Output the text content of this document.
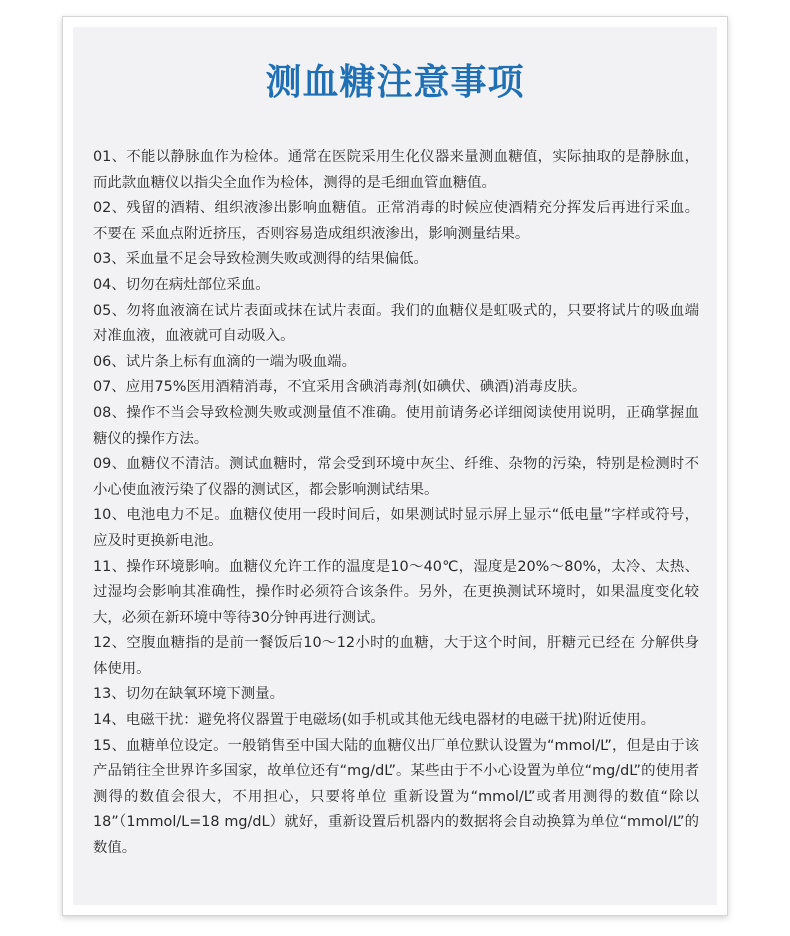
测血糖注意事项

01、不能以静脉血作为检体。通常在医院采用生化仪器来量测血糖值，实际抽取的是静脉血，而此款血糖仪以指尖全血作为检体，测得的是毛细血管血糖值。

02、残留的酒精、组织液渗出影响血糖值。正常消毒的时候应使酒精充分挥发后再进行采血。不要在 采血点附近挤压，否则容易造成组织液渗出，影响测量结果。

03、采血量不足会导致检测失败或测得的结果偏低。

04、切勿在病灶部位采血。

05、勿将血液滴在试片表面或抹在试片表面。我们的血糖仪是虹吸式的，只要将试片的吸血端对准血液，血液就可自动吸入。

06、试片条上标有血滴的一端为吸血端。

07、应用75%医用酒精消毒，不宜采用含碘消毒剂(如碘伏、碘酒)消毒皮肤。

08、操作不当会导致检测失败或测量值不准确。使用前请务必详细阅读使用说明，正确掌握血糖仪的操作方法。

09、血糖仪不清洁。测试血糖时，常会受到环境中灰尘、纤维、杂物的污染，特别是检测时不小心使血液污染了仪器的测试区，都会影响测试结果。

10、电池电力不足。血糖仪使用一段时间后，如果测试时显示屏上显示“低电量”字样或符号，应及时更换新电池。

11、操作环境影响。血糖仪允许工作的温度是10～40℃，湿度是20%～80%，太冷、太热、过湿均会影响其准确性，操作时必须符合该条件。另外，在更换测试环境时，如果温度变化较大，必须在新环境中等待30分钟再进行测试。

12、空腹血糖指的是前一餐饭后10～12小时的血糖，大于这个时间，肝糖元已经在 分解供身体使用。

13、切勿在缺氧环境下测量。

14、电磁干扰：避免将仪器置于电磁场(如手机或其他无线电器材的电磁干扰)附近使用。

15、血糖单位设定。一般销售至中国大陆的血糖仪出厂单位默认设置为“mmol/L”，但是由于该产品销往全世界许多国家，故单位还有“mg/dL”。某些由于不小心设置为单位“mg/dL”的使用者测得的数值会很大，不用担心，只要将单位 重新设置为“mmol/L”或者用测得的数值“除以18”（1mmol/L=18 mg/dL）就好，重新设置后机器内的数据将会自动换算为单位“mmol/L”的数值。
